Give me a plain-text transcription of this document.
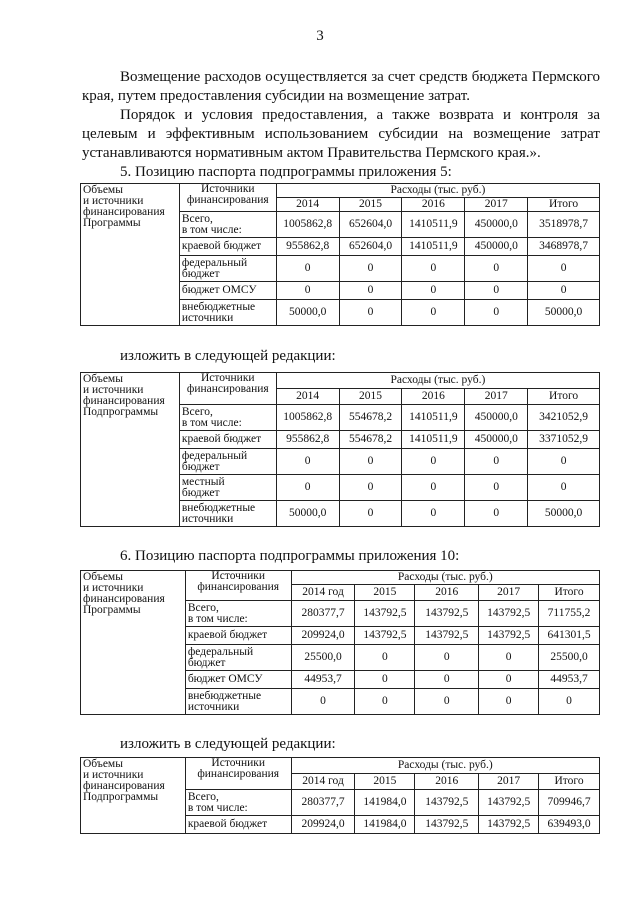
3
Возмещение расходов осуществляется за счет средств бюджета Пермского края, путем предоставления субсидии на возмещение затрат.
Порядок и условия предоставления, а также возврата и контроля за целевым и эффективным использованием субсидии на возмещение затрат устанавливаются нормативным актом Правительства Пермского края.».
5. Позицию паспорта подпрограммы приложения 5:
Объемы
и источники
финансирования
Программы	Источники
финансирования	Расходы (тыс. руб.)				
		2014	2015	2016	2017	Итого
	Всего,
в том числе:	1005862,8	652604,0	1410511,9	450000,0	3518978,7
	краевой бюджет	955862,8	652604,0	1410511,9	450000,0	3468978,7
	федеральный
бюджет	0	0	0	0	0
	бюджет ОМСУ	0	0	0	0	0
	внебюджетные
источники	50000,0	0	0	0	50000,0
изложить в следующей редакции:
Объемы
и источники
финансирования
Подпрограммы	Источники
финансирования	Расходы (тыс. руб.)				
		2014	2015	2016	2017	Итого
	Всего,
в том числе:	1005862,8	554678,2	1410511,9	450000,0	3421052,9
	краевой бюджет	955862,8	554678,2	1410511,9	450000,0	3371052,9
	федеральный
бюджет	0	0	0	0	0
	местный
бюджет	0	0	0	0	0
	внебюджетные
источники	50000,0	0	0	0	50000,0
6. Позицию паспорта подпрограммы приложения 10:
Объемы
и источники
финансирования
Программы	Источники
финансирования	Расходы (тыс. руб.)				
		2014 год	2015	2016	2017	Итого
	Всего,
в том числе:	280377,7	143792,5	143792,5	143792,5	711755,2
	краевой бюджет	209924,0	143792,5	143792,5	143792,5	641301,5
	федеральный
бюджет	25500,0	0	0	0	25500,0
	бюджет ОМСУ	44953,7	0	0	0	44953,7
	внебюджетные
источники	0	0	0	0	0
изложить в следующей редакции:
Объемы
и источники
финансирования
Подпрограммы	Источники
финансирования	Расходы (тыс. руб.)				
		2014 год	2015	2016	2017	Итого
	Всего,
в том числе:	280377,7	141984,0	143792,5	143792,5	709946,7
	краевой бюджет	209924,0	141984,0	143792,5	143792,5	639493,0
